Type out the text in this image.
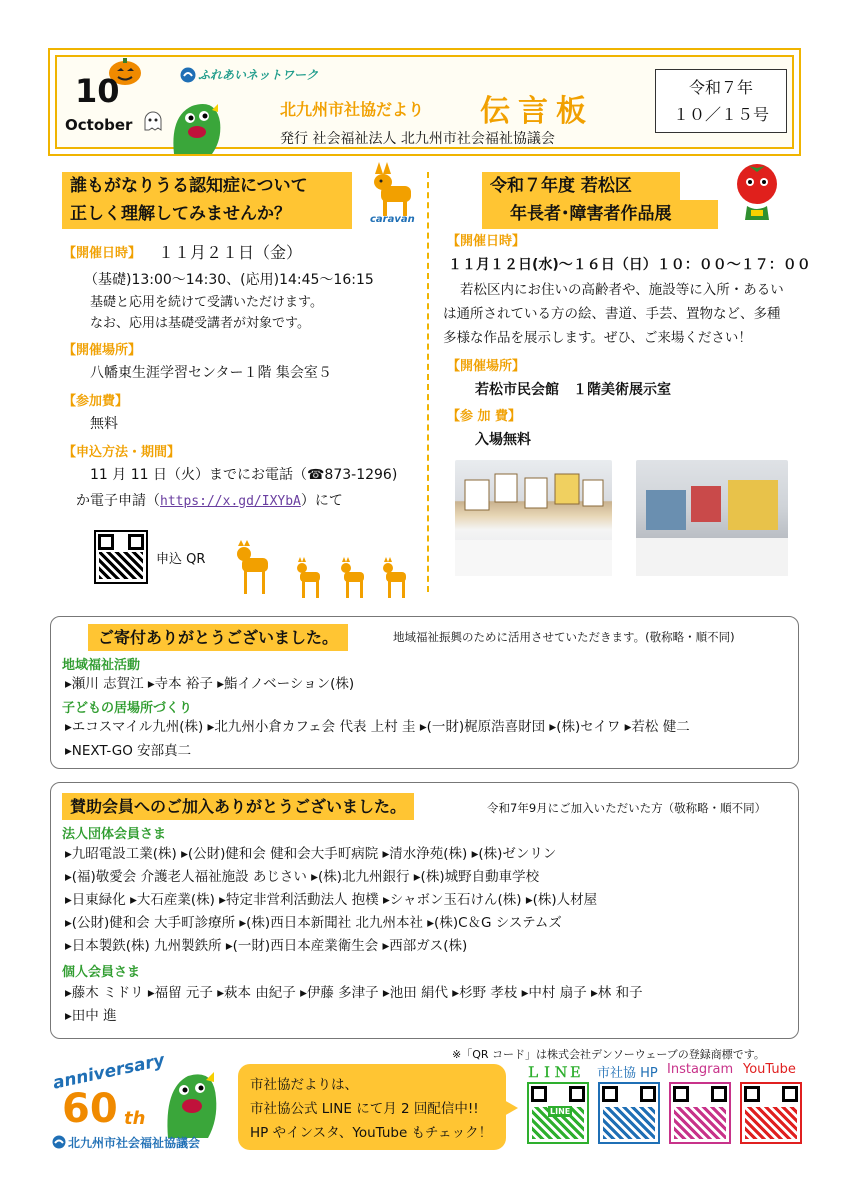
10
October
ふれあいネットワーク
北九州市社協だより 伝言板
発行 社会福祉法人 北九州市社会福祉協議会
令和７年
１０／１５号
誰もがなりうる認知症について
正しく理解してみませんか？	caravan
【開催日時】 １１月２１日（金）
（基礎)13:00～14:30、(応用)14:45～16:15
基礎と応用を続けて受講いただけます。
なお、応用は基礎受講者が対象です。
【開催場所】
八幡東生涯学習センター１階 集会室５
【参加費】
無料
【申込方法・期間】
11 月 11 日（火）までにお電話（☎873-1296)
か電子申請（https://x.gd/IXYbA）にて
申込 QR
令和７年度 若松区
年長者･障害者作品展
【開催日時】
１１月１２日(水)～１６日（日）１０：００～１７：００
若松区内にお住いの高齢者や、施設等に入所・あるい
は通所されている方の絵、書道、手芸、置物など、多種
多様な作品を展示します。ぜひ、ご来場ください！
【開催場所】
若松市民会館　１階美術展示室
【参 加 費】
入場無料
ご寄付ありがとうございました。	地域福祉振興のために活用させていただきます。(敬称略・順不同)
地域福祉活動
▸瀬川 志賀江 ▸寺本 裕子 ▸鮨イノベーション(株)
子どもの居場所づくり
▸エコスマイル九州(株) ▸北九州小倉カフェ会 代表 上村 圭 ▸(一財)梶原浩喜財団 ▸(株)セイワ ▸若松 健二
▸NEXT-GO 安部真二
賛助会員へのご加入ありがとうございました。	令和7年9月にご加入いただいた方（敬称略・順不同）
法人団体会員さま
▸九昭電設工業(株) ▸(公財)健和会 健和会大手町病院 ▸清水浄苑(株) ▸(株)ゼンリン
▸(福)敬愛会 介護老人福祉施設 あじさい ▸(株)北九州銀行 ▸(株)城野自動車学校
▸日東緑化 ▸大石産業(株) ▸特定非営利活動法人 抱樸 ▸シャボン玉石けん(株) ▸(株)人材屋
▸(公財)健和会 大手町診療所 ▸(株)西日本新聞社 北九州本社 ▸(株)C＆G システムズ
▸日本製鉄(株) 九州製鉄所 ▸(一財)西日本産業衛生会 ▸西部ガス(株)
個人会員さま
▸藤木 ミドリ ▸福留 元子 ▸萩本 由紀子 ▸伊藤 多津子 ▸池田 絹代 ▸杉野 孝枝 ▸中村 扇子 ▸林 和子
▸田中 進
※「QR コード」は株式会社デンソーウェーブの登録商標です。
anniversary
60 th
北九州市社会福祉協議会
市社協だよりは、
市社協公式 LINE にて月 2 回配信中!!
HP やインスタ、YouTube もチェック！
ＬＩＮＥ 市社協 HP Instagram YouTube
LINE
